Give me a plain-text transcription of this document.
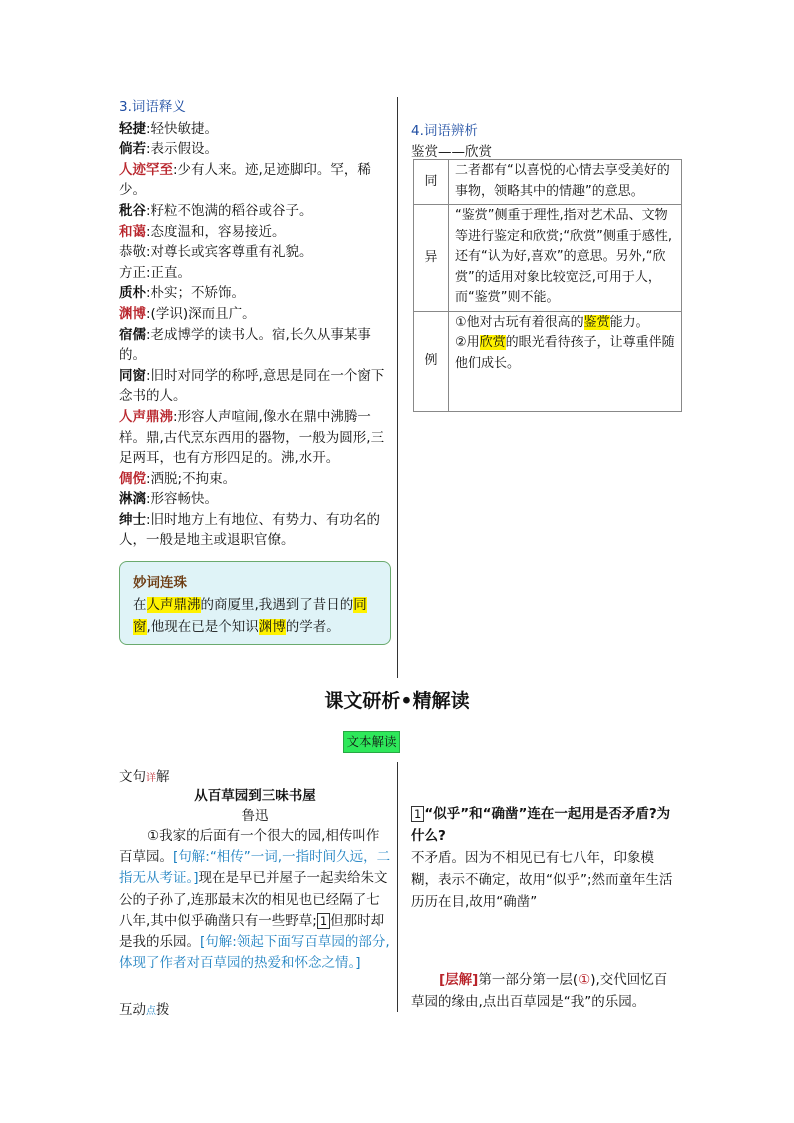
3.词语释义
轻捷:轻快敏捷。
倘若:表示假设。
人迹罕至:少有人来。迹,足迹脚印。罕，稀少。
秕谷:籽粒不饱满的稻谷或谷子。
和蔼:态度温和，容易接近。
恭敬:对尊长或宾客尊重有礼貌。
方正:正直。
质朴:朴实；不矫饰。
渊博:(学识)深而且广。
宿儒:老成博学的读书人。宿,长久从事某事的。
同窗:旧时对同学的称呼,意思是同在一个窗下念书的人。
人声鼎沸:形容人声喧闹,像水在鼎中沸腾一样。鼎,古代烹东西用的器物，一般为圆形,三足两耳，也有方形四足的。沸,水开。
倜傥:洒脱;不拘束。
淋漓:形容畅快。
绅士:旧时地方上有地位、有势力、有功名的人，一般是地主或退职官僚。
妙词连珠
在人声鼎沸的商厦里,我遇到了昔日的同窗,他现在已是个知识渊博的学者。
4.词语辨析
鉴赏——欣赏
同	二者都有“以喜悦的心情去享受美好的事物，领略其中的情趣”的意思。
异	“鉴赏”侧重于理性,指对艺术品、文物等进行鉴定和欣赏;“欣赏”侧重于感性,还有“认为好,喜欢”的意思。另外,“欣赏”的适用对象比较宽泛,可用于人，而“鉴赏”则不能。
例	①他对古玩有着很高的鉴赏能力。
②用欣赏的眼光看待孩子，让尊重伴随他们成长。
课文研析•精解读
文本解读
文句详解
从百草园到三味书屋
鲁迅
①我家的后面有一个很大的园,相传叫作百草园。[句解:“相传”一词,一指时间久远，二指无从考证。]现在是早已并屋子一起卖给朱文公的子孙了,连那最末次的相见也已经隔了七八年,其中似乎确凿只有一些野草; 1 但那时却是我的乐园。[句解:领起下面写百草园的部分,体现了作者对百草园的热爱和怀念之情。]
互动点拨
1 “似乎”和“确凿”连在一起用是否矛盾?为什么?
不矛盾。因为不相见已有七八年，印象模糊，表示不确定，故用“似乎”;然而童年生活历历在目,故用“确凿”
[层解]第一部分第一层(①),交代回忆百草园的缘由,点出百草园是“我”的乐园。
